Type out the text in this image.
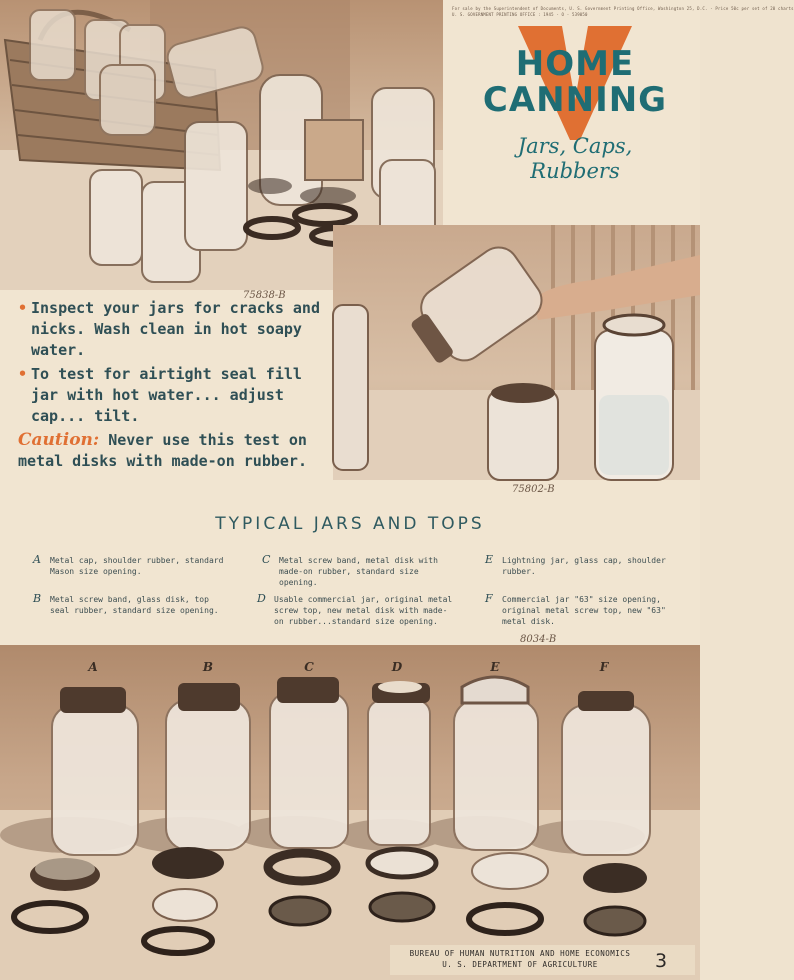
For sale by the Superintendent of Documents, U. S. Government Printing Office, Washington 25, D.C. - Price 50c per set of 20 charts
U. S. GOVERNMENT PRINTING OFFICE : 1945 - O - 539050
HOME
CANNING
Jars, Caps,
Rubbers
75838-B
75802-B
8034-B
• Inspect your jars for cracks and nicks. Wash clean in hot soapy water.
• To test for airtight seal fill jar with hot water... adjust cap... tilt.
Caution: Never use this test on metal disks with made-on rubber.
TYPICAL JARS AND TOPS
A	Metal cap, shoulder rubber, standard Mason size opening.
B	Metal screw band, glass disk, top seal rubber, standard size opening.
C	Metal screw band, metal disk with made-on rubber, standard size opening.
D	Usable commercial jar, original metal screw top, new metal disk with made-on rubber...standard size opening.
E	Lightning jar, glass cap, shoulder rubber.
F	Commercial jar "63" size opening, original metal screw top, new "63" metal disk.
A	B	C	D	E	F
BUREAU OF HUMAN NUTRITION AND HOME ECONOMICS
U. S. DEPARTMENT OF AGRICULTURE	3
